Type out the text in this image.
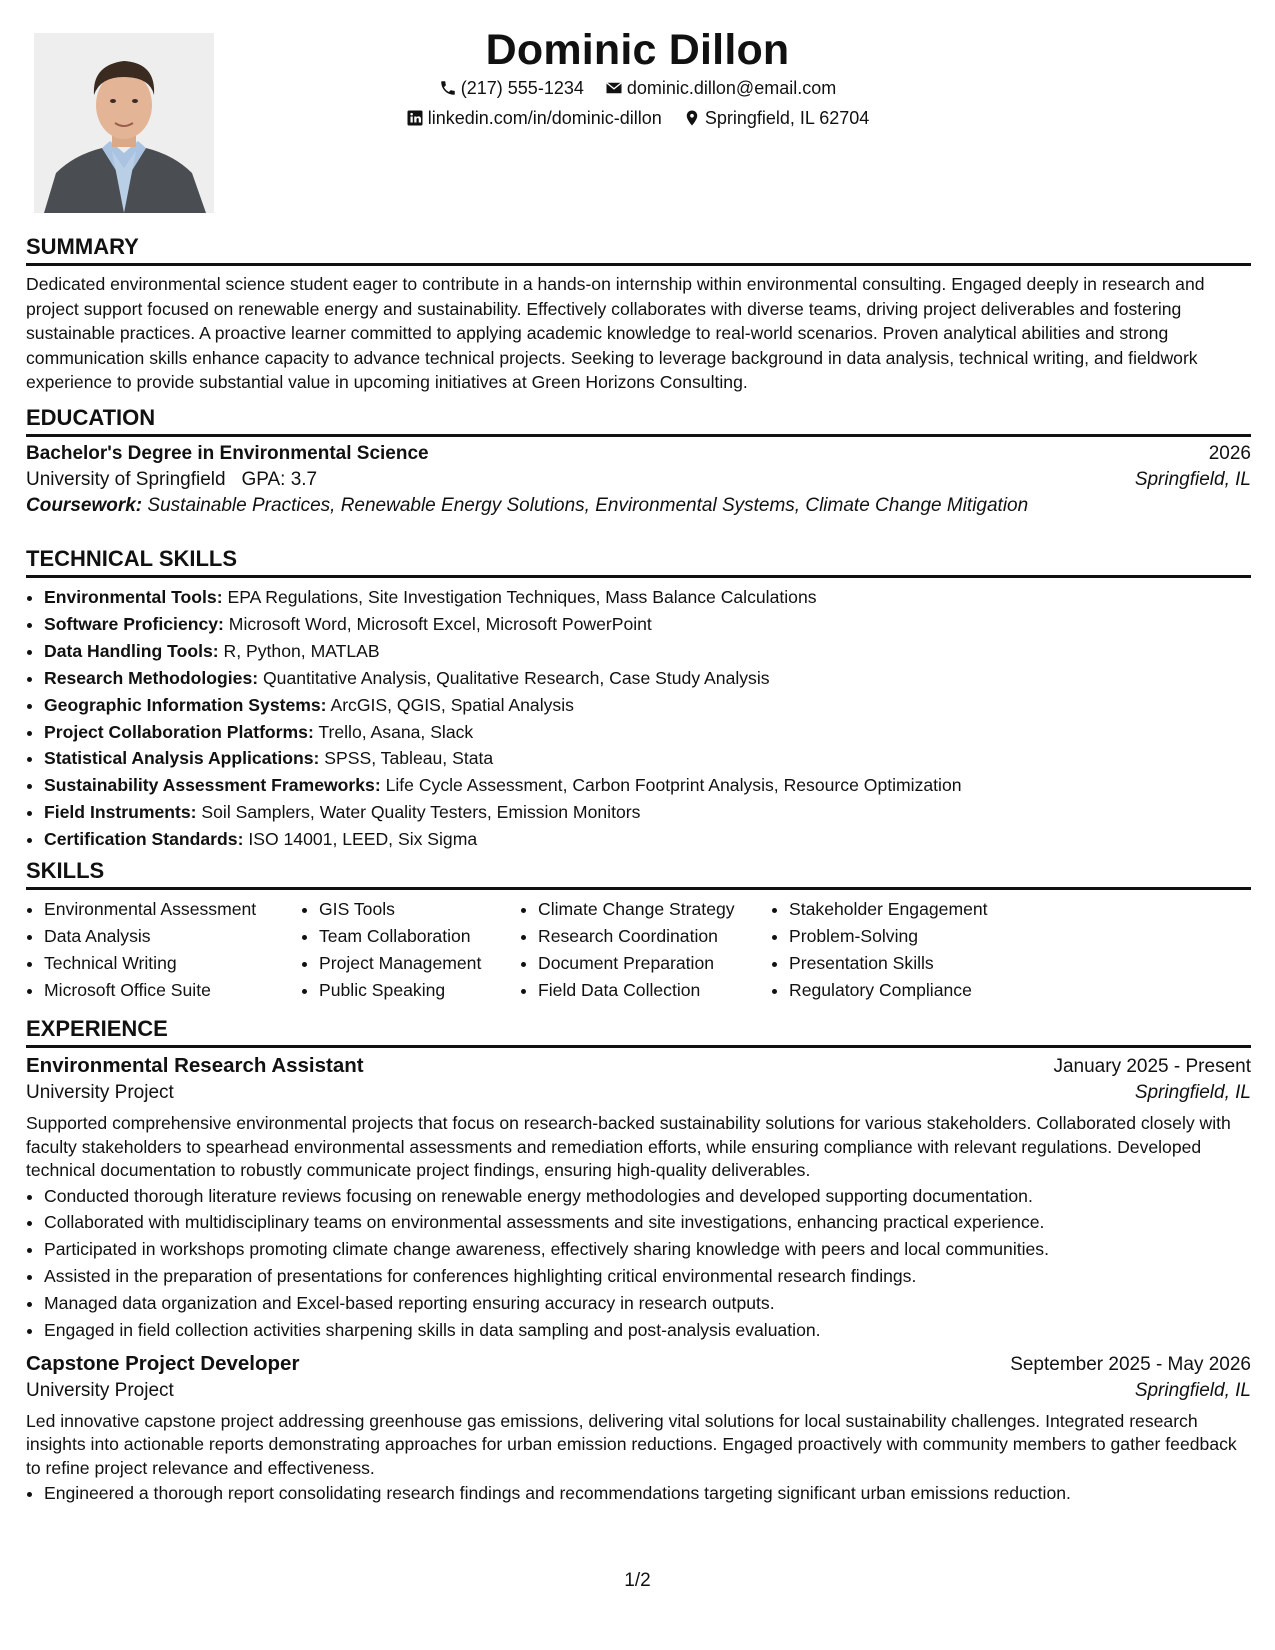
Dominic Dillon
(217) 555-1234
dominic.dillon@email.com
linkedin.com/in/dominic-dillon
Springfield, IL 62704
SUMMARY

Dedicated environmental science student eager to contribute in a hands-on internship within environmental consulting. Engaged deeply in research and project support focused on renewable energy and sustainability. Effectively collaborates with diverse teams, driving project deliverables and fostering sustainable practices. A proactive learner committed to applying academic knowledge to real-world scenarios. Proven analytical abilities and strong communication skills enhance capacity to advance technical projects. Seeking to leverage background in data analysis, technical writing, and fieldwork experience to provide substantial value in upcoming initiatives at Green Horizons Consulting.

EDUCATION
Bachelor's Degree in Environmental Science	2026
University of Springfield GPA: 3.7	Springfield, IL
Coursework: Sustainable Practices, Renewable Energy Solutions, Environmental Systems, Climate Change Mitigation
TECHNICAL SKILLS
• Environmental Tools: EPA Regulations, Site Investigation Techniques, Mass Balance Calculations
• Software Proficiency: Microsoft Word, Microsoft Excel, Microsoft PowerPoint
• Data Handling Tools: R, Python, MATLAB
• Research Methodologies: Quantitative Analysis, Qualitative Research, Case Study Analysis
• Geographic Information Systems: ArcGIS, QGIS, Spatial Analysis
• Project Collaboration Platforms: Trello, Asana, Slack
• Statistical Analysis Applications: SPSS, Tableau, Stata
• Sustainability Assessment Frameworks: Life Cycle Assessment, Carbon Footprint Analysis, Resource Optimization
• Field Instruments: Soil Samplers, Water Quality Testers, Emission Monitors
• Certification Standards: ISO 14001, LEED, Six Sigma
SKILLS
• Environmental Assessment
• Data Analysis
• Technical Writing
• Microsoft Office Suite
• GIS Tools
• Team Collaboration
• Project Management
• Public Speaking
• Climate Change Strategy
• Research Coordination
• Document Preparation
• Field Data Collection
• Stakeholder Engagement
• Problem-Solving
• Presentation Skills
• Regulatory Compliance
EXPERIENCE
Environmental Research Assistant	January 2025 - Present
University Project	Springfield, IL

Supported comprehensive environmental projects that focus on research-backed sustainability solutions for various stakeholders. Collaborated closely with faculty stakeholders to spearhead environmental assessments and remediation efforts, while ensuring compliance with relevant regulations. Developed technical documentation to robustly communicate project findings, ensuring high-quality deliverables.

• Conducted thorough literature reviews focusing on renewable energy methodologies and developed supporting documentation.
• Collaborated with multidisciplinary teams on environmental assessments and site investigations, enhancing practical experience.
• Participated in workshops promoting climate change awareness, effectively sharing knowledge with peers and local communities.
• Assisted in the preparation of presentations for conferences highlighting critical environmental research findings.
• Managed data organization and Excel-based reporting ensuring accuracy in research outputs.
• Engaged in field collection activities sharpening skills in data sampling and post-analysis evaluation.
Capstone Project Developer	September 2025 - May 2026
University Project	Springfield, IL

Led innovative capstone project addressing greenhouse gas emissions, delivering vital solutions for local sustainability challenges. Integrated research insights into actionable reports demonstrating approaches for urban emission reductions. Engaged proactively with community members to gather feedback to refine project relevance and effectiveness.

• Engineered a thorough report consolidating research findings and recommendations targeting significant urban emissions reduction.
1/2
